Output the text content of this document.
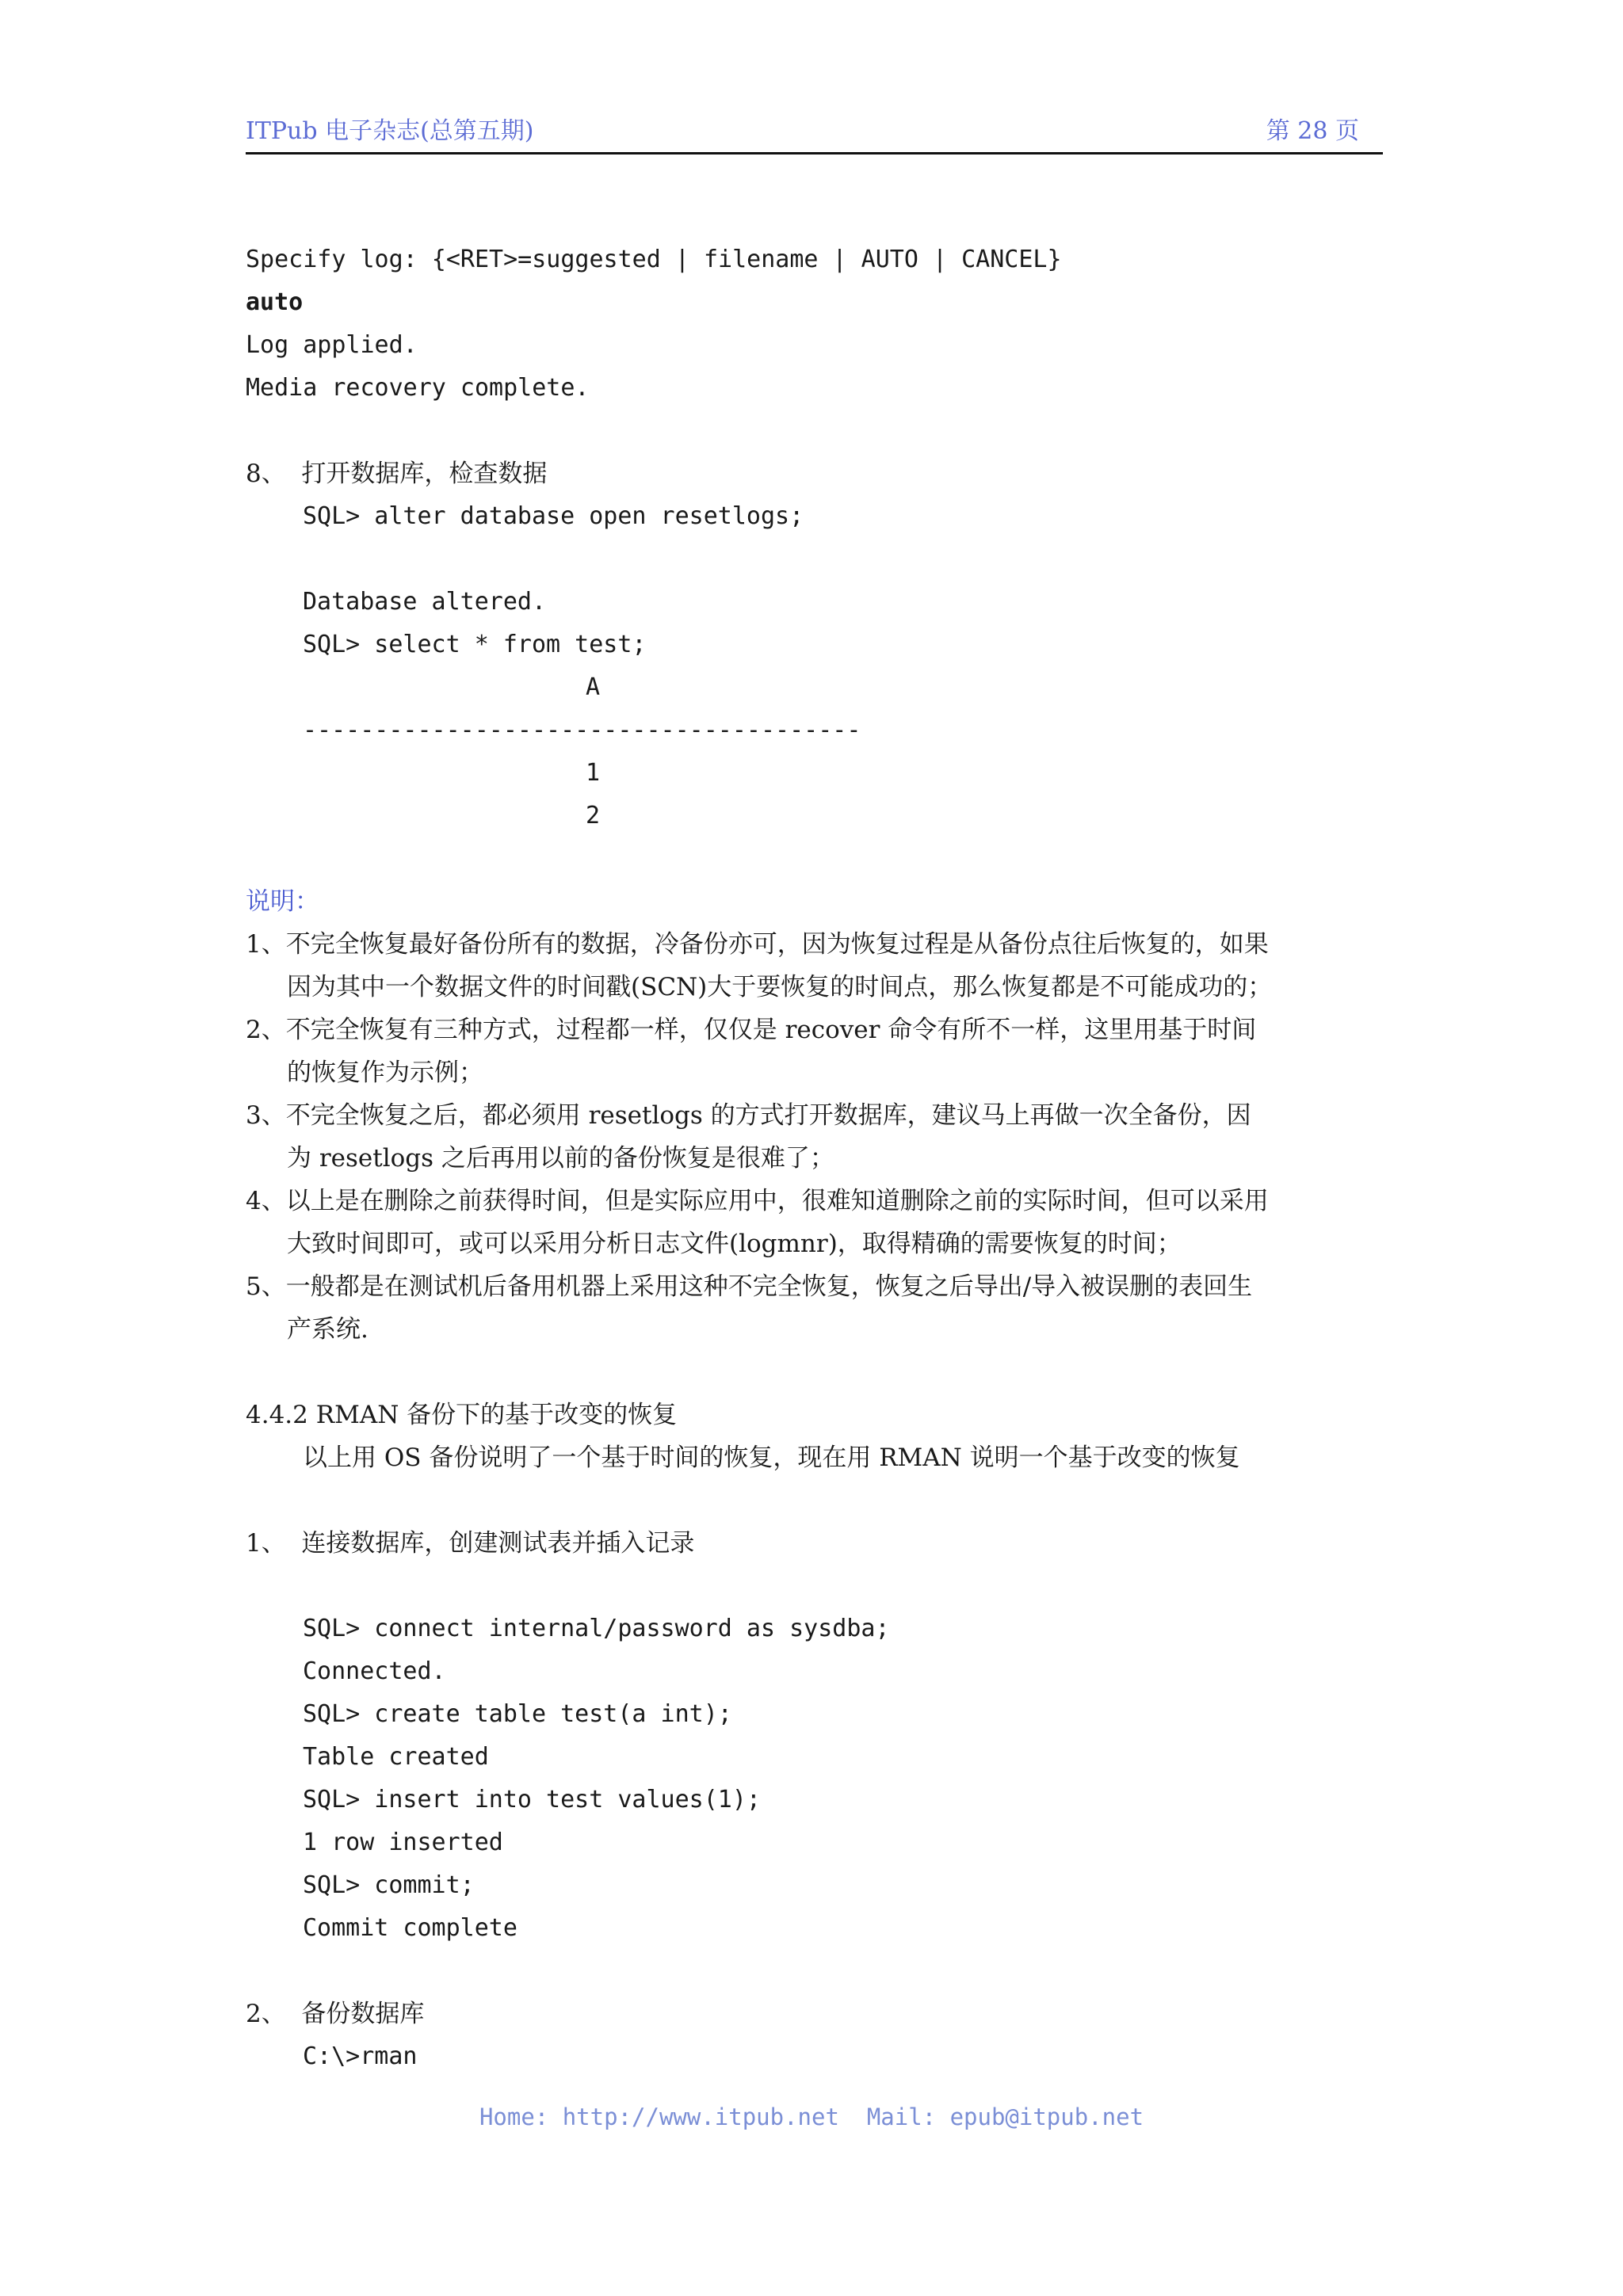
ITPub 电子杂志(总第五期)	第 28 页
Specify log: {<RET>=suggested | filename | AUTO | CANCEL}
auto
Log applied.
Media recovery complete.
8、  打开数据库，检查数据
SQL> alter database open resetlogs;
Database altered.
SQL> select * from test;
A
---------------------------------------
1
2
说明：
1、不完全恢复最好备份所有的数据，冷备份亦可，因为恢复过程是从备份点往后恢复的，如果
因为其中一个数据文件的时间戳(SCN)大于要恢复的时间点，那么恢复都是不可能成功的；
2、不完全恢复有三种方式，过程都一样，仅仅是 recover 命令有所不一样，这里用基于时间
的恢复作为示例；
3、不完全恢复之后，都必须用 resetlogs 的方式打开数据库，建议马上再做一次全备份，因
为 resetlogs 之后再用以前的备份恢复是很难了；
4、以上是在删除之前获得时间，但是实际应用中，很难知道删除之前的实际时间，但可以采用
大致时间即可，或可以采用分析日志文件(logmnr)，取得精确的需要恢复的时间；
5、一般都是在测试机后备用机器上采用这种不完全恢复，恢复之后导出/导入被误删的表回生
产系统.
4.4.2 RMAN 备份下的基于改变的恢复
以上用 OS 备份说明了一个基于时间的恢复，现在用 RMAN 说明一个基于改变的恢复
1、  连接数据库，创建测试表并插入记录
SQL> connect internal/password as sysdba;
Connected.
SQL> create table test(a int);
Table created
SQL> insert into test values(1);
1 row inserted
SQL> commit;
Commit complete
2、  备份数据库
C:\>rman
Home: http://www.itpub.net  Mail: epub@itpub.net
